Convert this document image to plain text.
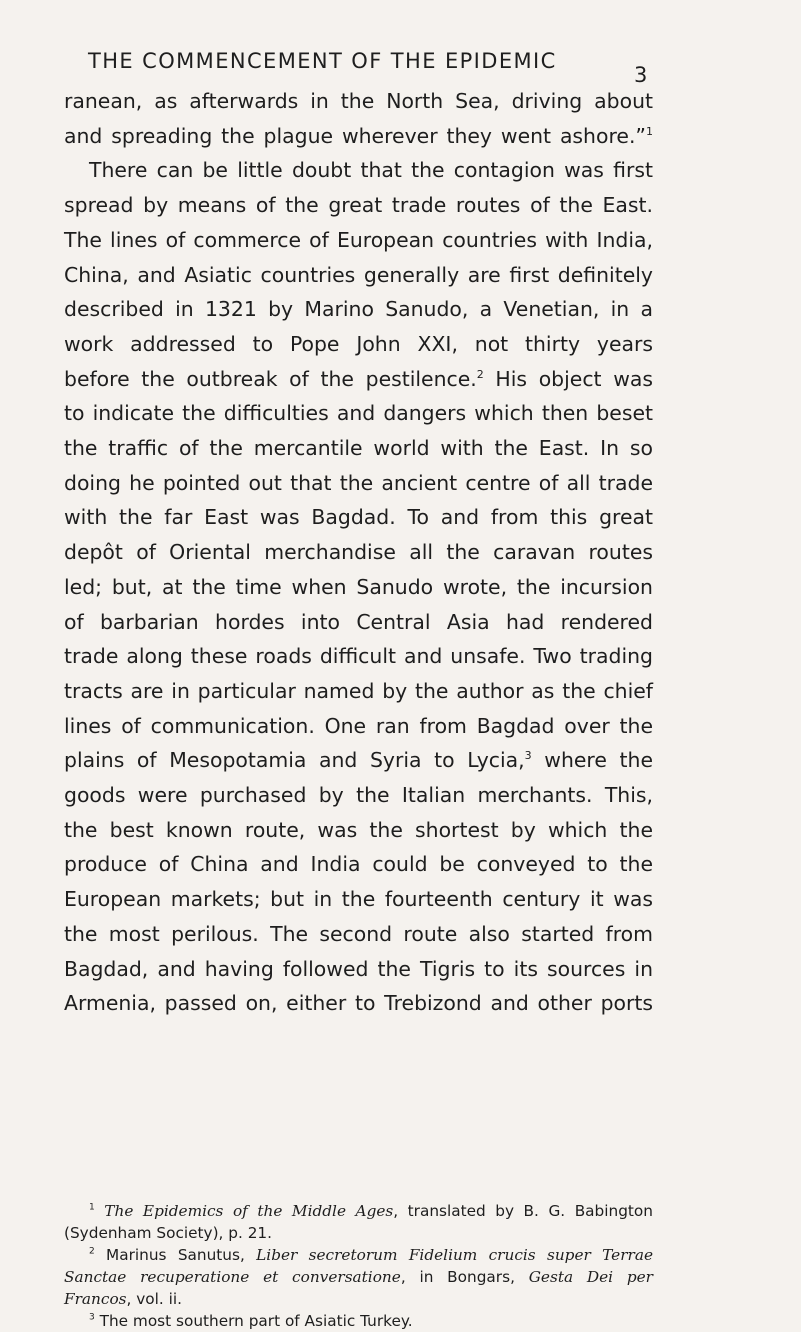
THE COMMENCEMENT OF THE EPIDEMIC
3
ranean, as afterwards in the North Sea, driving about
and spreading the plague wherever they went ashore.”$^1$
There can be little doubt that the contagion was first
spread by means of the great trade routes of the East.
The lines of commerce of European countries with India,
China, and Asiatic countries generally are first definitely
described in 1321 by Marino Sanudo, a Venetian, in a
work addressed to Pope John XXI, not thirty years
before the outbreak of the pestilence.$^2$ His object was
to indicate the difficulties and dangers which then beset
the traffic of the mercantile world with the East. In so
doing he pointed out that the ancient centre of all trade
with the far East was Bagdad. To and from this great
depôt of Oriental merchandise all the caravan routes
led; but, at the time when Sanudo wrote, the incursion
of barbarian hordes into Central Asia had rendered
trade along these roads difficult and unsafe. Two trading
tracts are in particular named by the author as the chief
lines of communication. One ran from Bagdad over the
plains of Mesopotamia and Syria to Lycia,$^3$ where the
goods were purchased by the Italian merchants. This,
the best known route, was the shortest by which the
produce of China and India could be conveyed to the
European markets; but in the fourteenth century it was
the most perilous. The second route also started from
Bagdad, and having followed the Tigris to its sources in
Armenia, passed on, either to Trebizond and other ports
$^1$ The Epidemics of the Middle Ages, translated by B. G. Babington
(Sydenham Society), p. 21.
$^2$ Marinus Sanutus, Liber secretorum Fidelium crucis super Terrae
Sanctae recuperatione et conversatione, in Bongars, Gesta Dei per
Francos, vol. ii.
$^3$ The most southern part of Asiatic Turkey.
